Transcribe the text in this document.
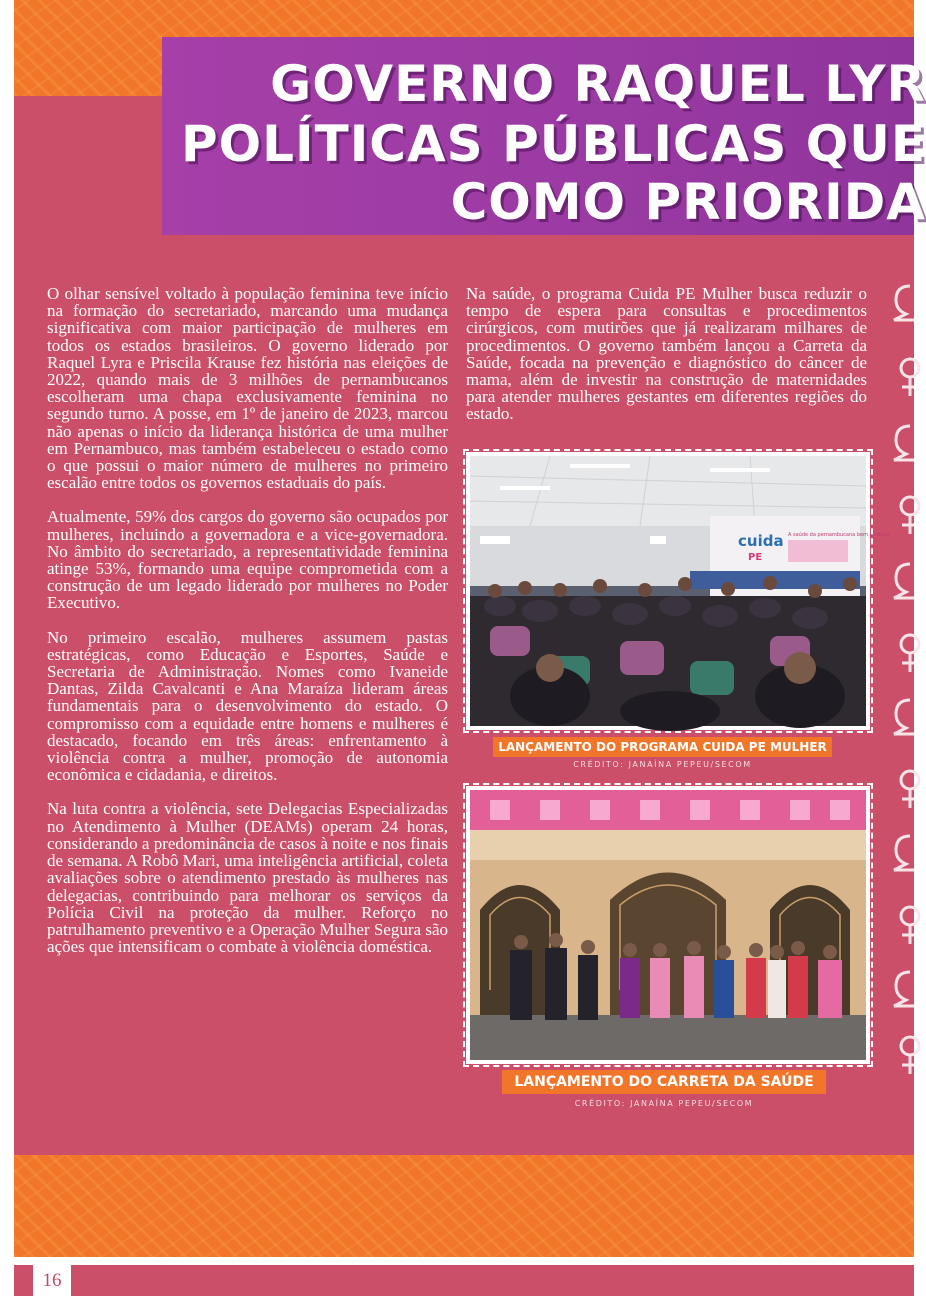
GOVERNO RAQUEL LYR
POLÍTICAS PÚBLICAS QUE
COMO PRIORIDA

O olhar sensível voltado à população feminina teve início na formação do secretariado, marcando uma mudança significativa com maior participação de mulheres em todos os estados brasileiros. O governo liderado por Raquel Lyra e Priscila Krause fez história nas eleições de 2022, quando mais de 3 milhões de pernambucanos escolheram uma chapa exclusivamente feminina no segundo turno. A posse, em 1º de janeiro de 2023, marcou não apenas o início da liderança histórica de uma mulher em Pernambuco, mas também estabeleceu o estado como o que possui o maior número de mulheres no primeiro escalão entre todos os governos estaduais do país.

Atualmente, 59% dos cargos do governo são ocupados por mulheres, incluindo a governadora e a vice-governadora. No âmbito do secretariado, a representatividade feminina atinge 53%, formando uma equipe comprometida com a construção de um legado liderado por mulheres no Poder Executivo.

No primeiro escalão, mulheres assumem pastas estratégicas, como Educação e Esportes, Saúde e Secretaria de Administração. Nomes como Ivaneide Dantas, Zilda Cavalcanti e Ana Maraíza lideram áreas fundamentais para o desenvolvimento do estado. O compromisso com a equidade entre homens e mulheres é destacado, focando em três áreas: enfrentamento à violência contra a mulher, promoção de autonomia econômica e cidadania, e direitos.

Na luta contra a violência, sete Delegacias Especializadas no Atendimento à Mulher (DEAMs) operam 24 horas, considerando a predominância de casos à noite e nos finais de semana. A Robô Mari, uma inteligência artificial, coleta avaliações sobre o atendimento prestado às mulheres nas delegacias, contribuindo para melhorar os serviços da Polícia Civil na proteção da mulher. Reforço no patrulhamento preventivo e a Operação Mulher Segura são ações que intensificam o combate à violência doméstica.

Na saúde, o programa Cuida PE Mulher busca reduzir o tempo de espera para consultas e procedimentos cirúrgicos, com mutirões que já realizaram milhares de procedimentos. O governo também lançou a Carreta da Saúde, focada na prevenção e diagnóstico do câncer de mama, além de investir na construção de maternidades para atender mulheres gestantes em diferentes regiões do estado.

cuida
PE
A saúde da pernambucana bem cuidada.
LANÇAMENTO DO PROGRAMA CUIDA PE MULHER
CRÉDITO: JANAÍNA PEPEU/SECOM
LANÇAMENTO DO CARRETA DA SAÚDE
CRÉDITO: JANAÍNA PEPEU/SECOM
16
